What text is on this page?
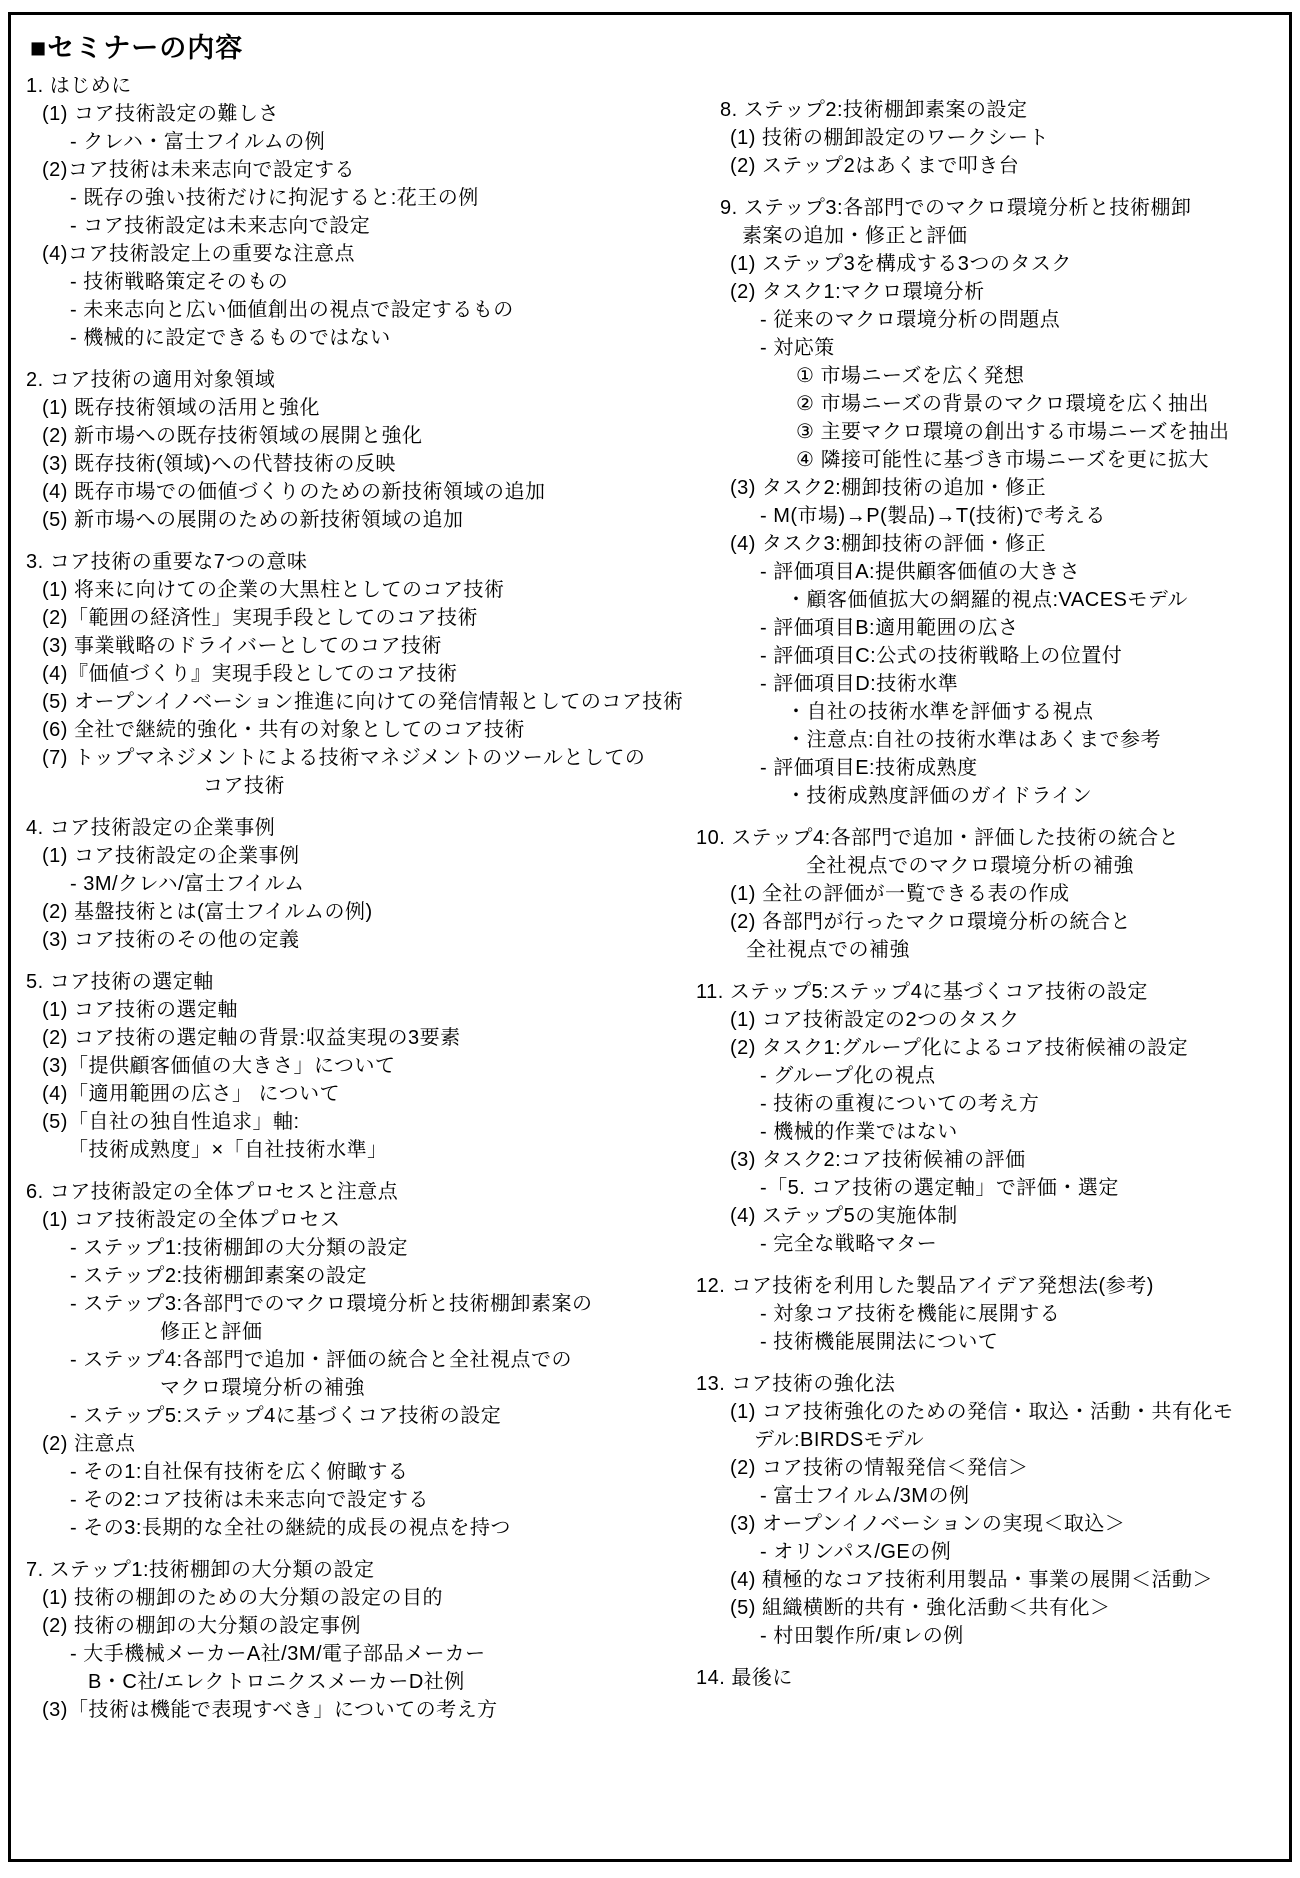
■セミナーの内容
1. はじめに
(1) コア技術設定の難しさ
- クレハ・富士フイルムの例
(2)コア技術は未来志向で設定する
- 既存の強い技術だけに拘泥すると:花王の例
- コア技術設定は未来志向で設定
(4)コア技術設定上の重要な注意点
- 技術戦略策定そのもの
- 未来志向と広い価値創出の視点で設定するもの
- 機械的に設定できるものではない
2. コア技術の適用対象領域
(1) 既存技術領域の活用と強化
(2) 新市場への既存技術領域の展開と強化
(3) 既存技術(領域)への代替技術の反映
(4) 既存市場での価値づくりのための新技術領域の追加
(5) 新市場への展開のための新技術領域の追加
3. コア技術の重要な7つの意味
(1) 将来に向けての企業の大黒柱としてのコア技術
(2)「範囲の経済性」実現手段としてのコア技術
(3) 事業戦略のドライバーとしてのコア技術
(4)『価値づくり』実現手段としてのコア技術
(5) オープンイノベーション推進に向けての発信情報としてのコア技術
(6) 全社で継続的強化・共有の対象としてのコア技術
(7) トップマネジメントによる技術マネジメントのツールとしての
コア技術
4. コア技術設定の企業事例
(1) コア技術設定の企業事例
- 3M/クレハ/富士フイルム
(2) 基盤技術とは(富士フイルムの例)
(3) コア技術のその他の定義
5. コア技術の選定軸
(1) コア技術の選定軸
(2) コア技術の選定軸の背景:収益実現の3要素
(3)「提供顧客価値の大きさ」について
(4)「適用範囲の広さ」 について
(5)「自社の独自性追求」軸:
「技術成熟度」×「自社技術水準」
6. コア技術設定の全体プロセスと注意点
(1) コア技術設定の全体プロセス
- ステップ1:技術棚卸の大分類の設定
- ステップ2:技術棚卸素案の設定
- ステップ3:各部門でのマクロ環境分析と技術棚卸素案の
修正と評価
- ステップ4:各部門で追加・評価の統合と全社視点での
マクロ環境分析の補強
- ステップ5:ステップ4に基づくコア技術の設定
(2) 注意点
- その1:自社保有技術を広く俯瞰する
- その2:コア技術は未来志向で設定する
- その3:長期的な全社の継続的成長の視点を持つ
7. ステップ1:技術棚卸の大分類の設定
(1) 技術の棚卸のための大分類の設定の目的
(2) 技術の棚卸の大分類の設定事例
- 大手機械メーカーA社/3M/電子部品メーカー
B・C社/エレクトロニクスメーカーD社例
(3)「技術は機能で表現すべき」についての考え方
8. ステップ2:技術棚卸素案の設定
(1) 技術の棚卸設定のワークシート
(2) ステップ2はあくまで叩き台
9. ステップ3:各部門でのマクロ環境分析と技術棚卸
素案の追加・修正と評価
(1) ステップ3を構成する3つのタスク
(2) タスク1:マクロ環境分析
- 従来のマクロ環境分析の問題点
- 対応策
① 市場ニーズを広く発想
② 市場ニーズの背景のマクロ環境を広く抽出
③ 主要マクロ環境の創出する市場ニーズを抽出
④ 隣接可能性に基づき市場ニーズを更に拡大
(3) タスク2:棚卸技術の追加・修正
- M(市場)→P(製品)→T(技術)で考える
(4) タスク3:棚卸技術の評価・修正
- 評価項目A:提供顧客価値の大きさ
・顧客価値拡大の網羅的視点:VACESモデル
- 評価項目B:適用範囲の広さ
- 評価項目C:公式の技術戦略上の位置付
- 評価項目D:技術水準
・自社の技術水準を評価する視点
・注意点:自社の技術水準はあくまで参考
- 評価項目E:技術成熟度
・技術成熟度評価のガイドライン
10. ステップ4:各部門で追加・評価した技術の統合と
全社視点でのマクロ環境分析の補強
(1) 全社の評価が一覧できる表の作成
(2) 各部門が行ったマクロ環境分析の統合と
全社視点での補強
11. ステップ5:ステップ4に基づくコア技術の設定
(1) コア技術設定の2つのタスク
(2) タスク1:グループ化によるコア技術候補の設定
- グループ化の視点
- 技術の重複についての考え方
- 機械的作業ではない
(3) タスク2:コア技術候補の評価
-「5. コア技術の選定軸」で評価・選定
(4) ステップ5の実施体制
- 完全な戦略マター
12. コア技術を利用した製品アイデア発想法(参考)
- 対象コア技術を機能に展開する
- 技術機能展開法について
13. コア技術の強化法
(1) コア技術強化のための発信・取込・活動・共有化モ
デル:BIRDSモデル
(2) コア技術の情報発信＜発信＞
- 富士フイルム/3Mの例
(3) オープンイノベーションの実現＜取込＞
- オリンパス/GEの例
(4) 積極的なコア技術利用製品・事業の展開＜活動＞
(5) 組織横断的共有・強化活動＜共有化＞
- 村田製作所/東レの例
14. 最後に
